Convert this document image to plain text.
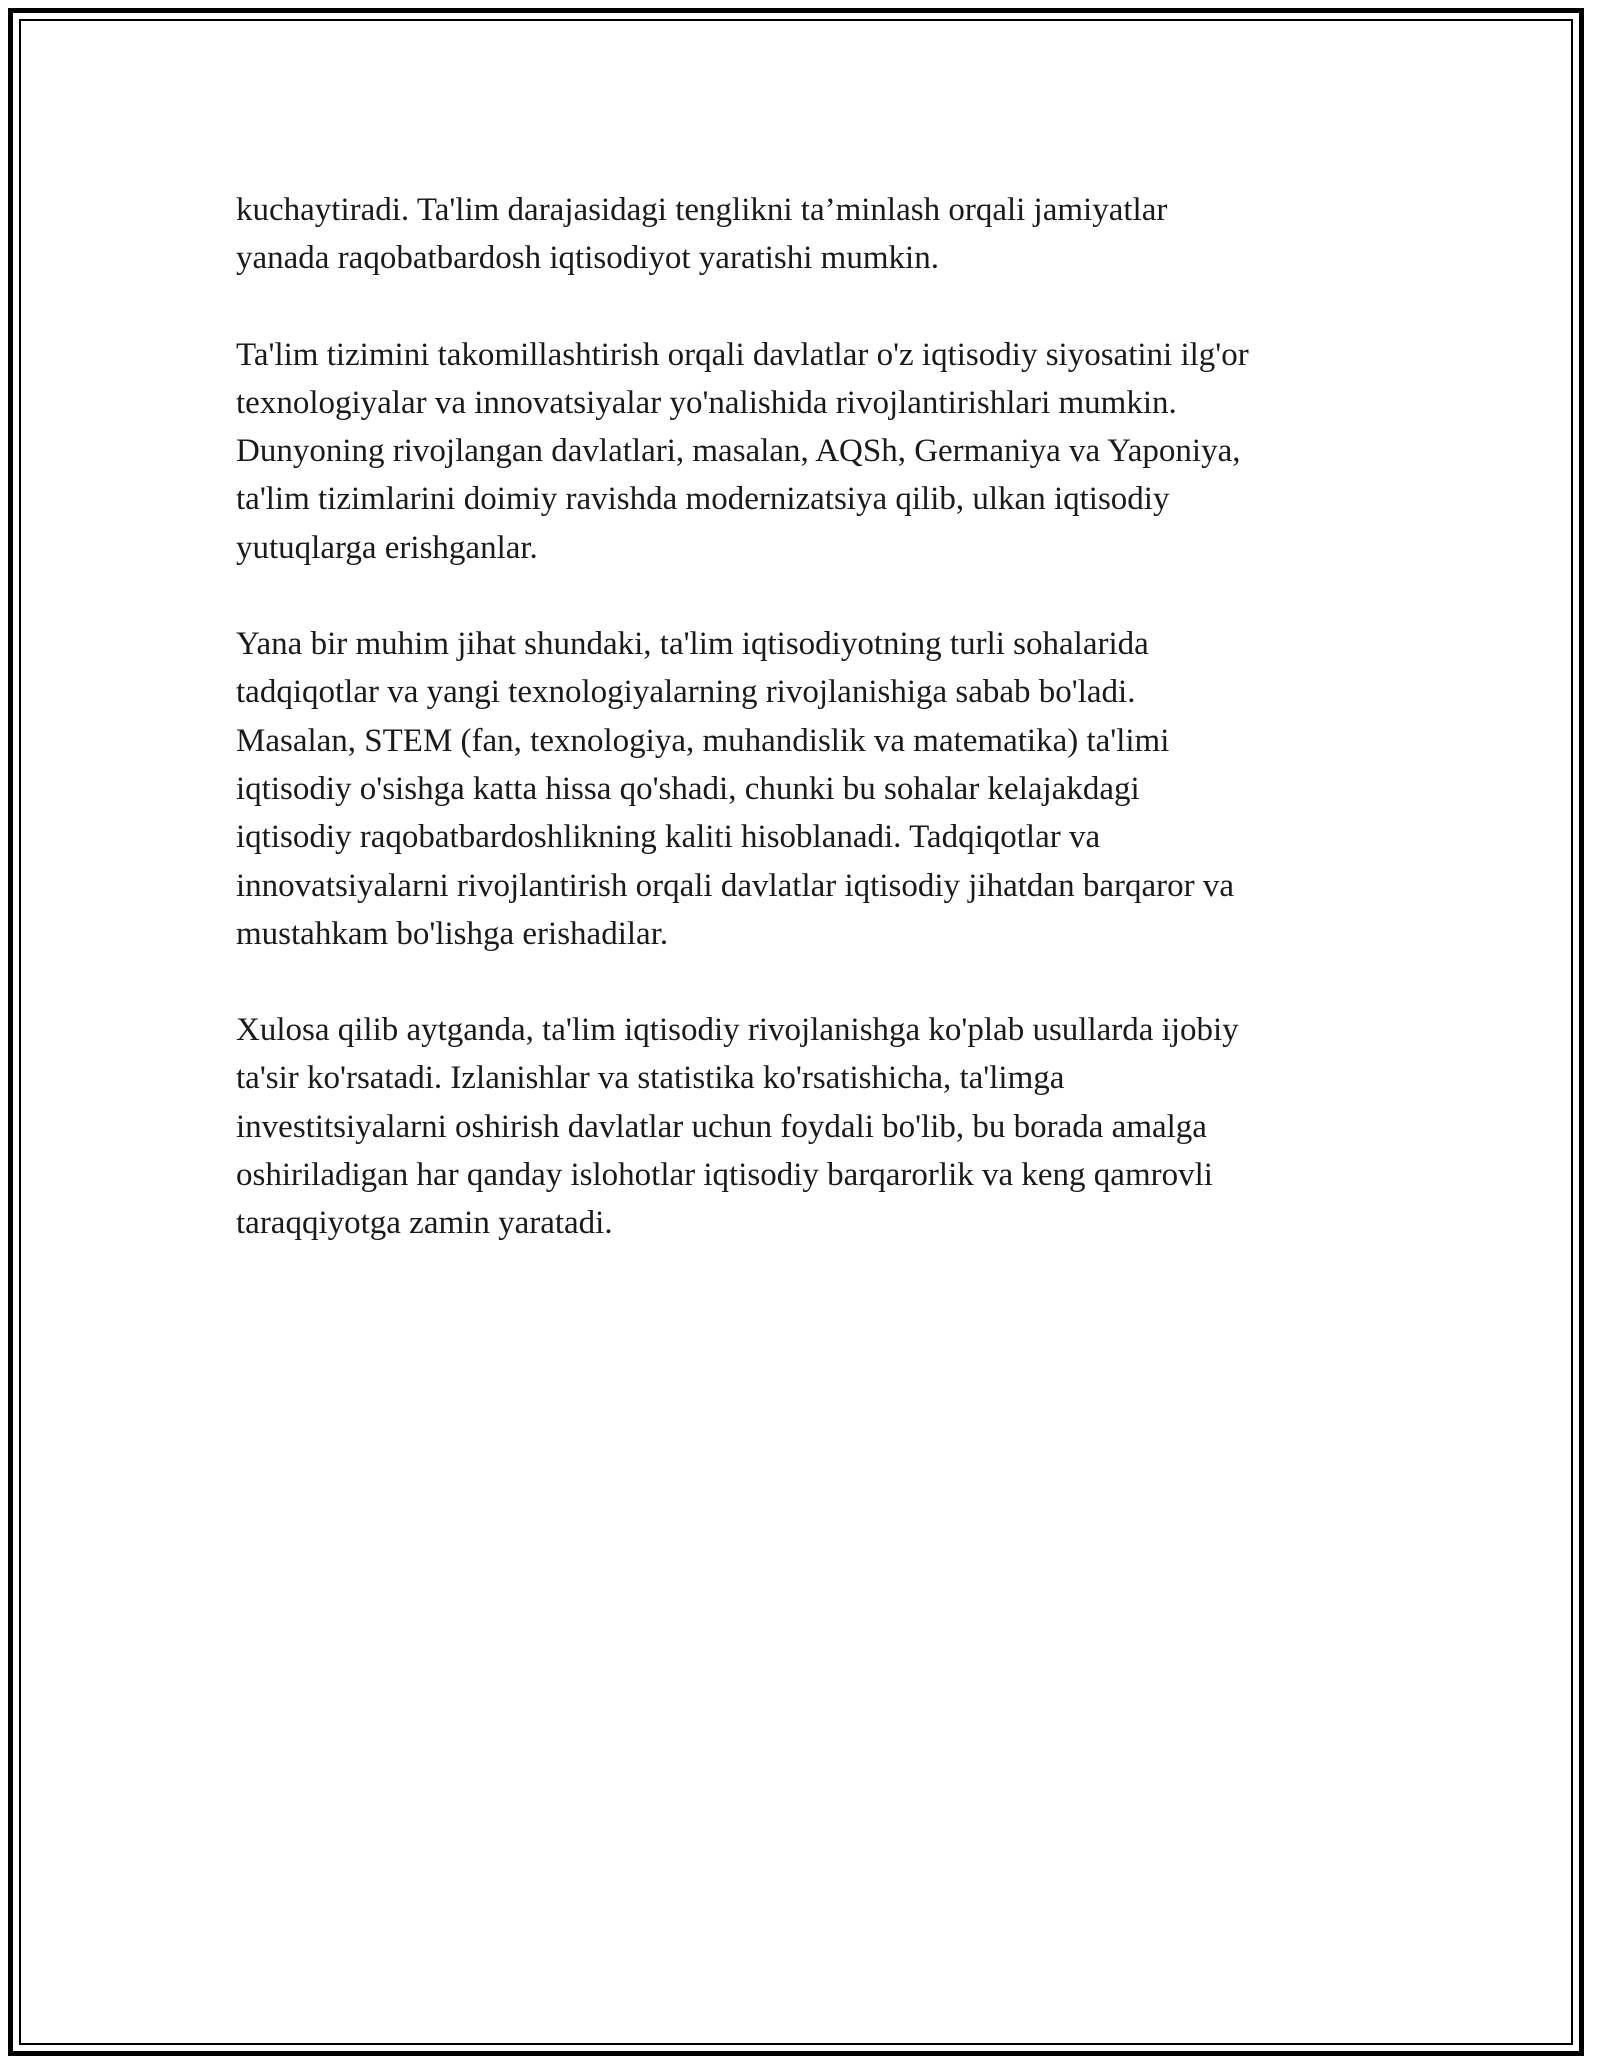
kuchaytiradi. Ta'lim darajasidagi tenglikni ta’minlash orqali jamiyatlar
yanada raqobatbardosh iqtisodiyot yaratishi mumkin.

Ta'lim tizimini takomillashtirish orqali davlatlar o'z iqtisodiy siyosatini ilg'or
texnologiyalar va innovatsiyalar yo'nalishida rivojlantirishlari mumkin.
Dunyoning rivojlangan davlatlari, masalan, AQSh, Germaniya va Yaponiya,
ta'lim tizimlarini doimiy ravishda modernizatsiya qilib, ulkan iqtisodiy
yutuqlarga erishganlar.

Yana bir muhim jihat shundaki, ta'lim iqtisodiyotning turli sohalarida
tadqiqotlar va yangi texnologiyalarning rivojlanishiga sabab bo'ladi.
Masalan, STEM (fan, texnologiya, muhandislik va matematika) ta'limi
iqtisodiy o'sishga katta hissa qo'shadi, chunki bu sohalar kelajakdagi
iqtisodiy raqobatbardoshlikning kaliti hisoblanadi. Tadqiqotlar va
innovatsiyalarni rivojlantirish orqali davlatlar iqtisodiy jihatdan barqaror va
mustahkam bo'lishga erishadilar.

Xulosa qilib aytganda, ta'lim iqtisodiy rivojlanishga ko'plab usullarda ijobiy
ta'sir ko'rsatadi. Izlanishlar va statistika ko'rsatishicha, ta'limga
investitsiyalarni oshirish davlatlar uchun foydali bo'lib, bu borada amalga
oshiriladigan har qanday islohotlar iqtisodiy barqarorlik va keng qamrovli
taraqqiyotga zamin yaratadi.
